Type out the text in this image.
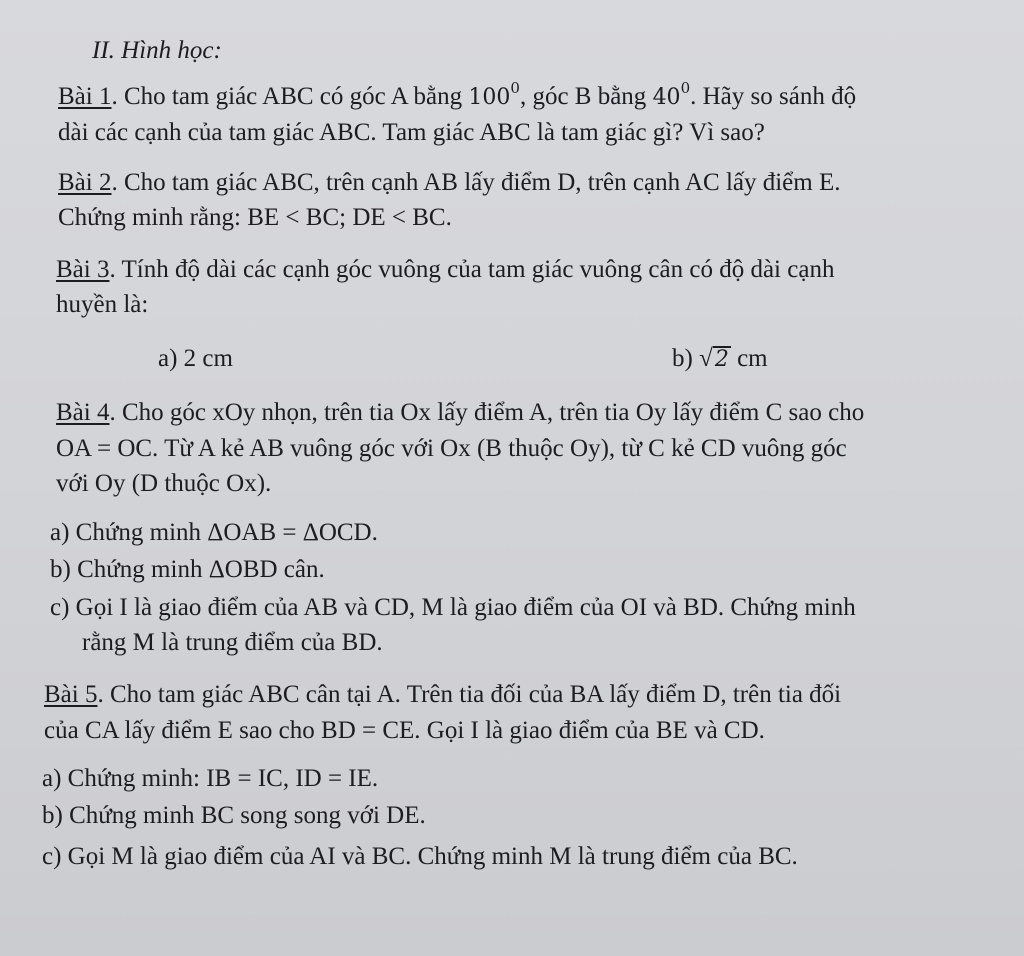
II. Hình học:
Bài 1. Cho tam giác ABC có góc A bằng $100^0$, góc B bằng $40^0$. Hãy so sánh độ
dài các cạnh của tam giác ABC. Tam giác ABC là tam giác gì? Vì sao?
Bài 2. Cho tam giác ABC, trên cạnh AB lấy điểm D, trên cạnh AC lấy điểm E.
Chứng minh rằng: BE < BC; DE < BC.
Bài 3. Tính độ dài các cạnh góc vuông của tam giác vuông cân có độ dài cạnh
huyền là:
a) 2 cm	b) √2 cm
Bài 4. Cho góc xOy nhọn, trên tia Ox lấy điểm A, trên tia Oy lấy điểm C sao cho
OA = OC. Từ A kẻ AB vuông góc với Ox (B thuộc Oy), từ C kẻ CD vuông góc
với Oy (D thuộc Ox).
a) Chứng minh ΔOAB = ΔOCD.
b) Chứng minh ΔOBD cân.
c) Gọi I là giao điểm của AB và CD, M là giao điểm của OI và BD. Chứng minh
rằng M là trung điểm của BD.
Bài 5. Cho tam giác ABC cân tại A. Trên tia đối của BA lấy điểm D, trên tia đối
của CA lấy điểm E sao cho BD = CE. Gọi I là giao điểm của BE và CD.
a) Chứng minh: IB = IC, ID = IE.
b) Chứng minh BC song song với DE.
c) Gọi M là giao điểm của AI và BC. Chứng minh M là trung điểm của BC.
